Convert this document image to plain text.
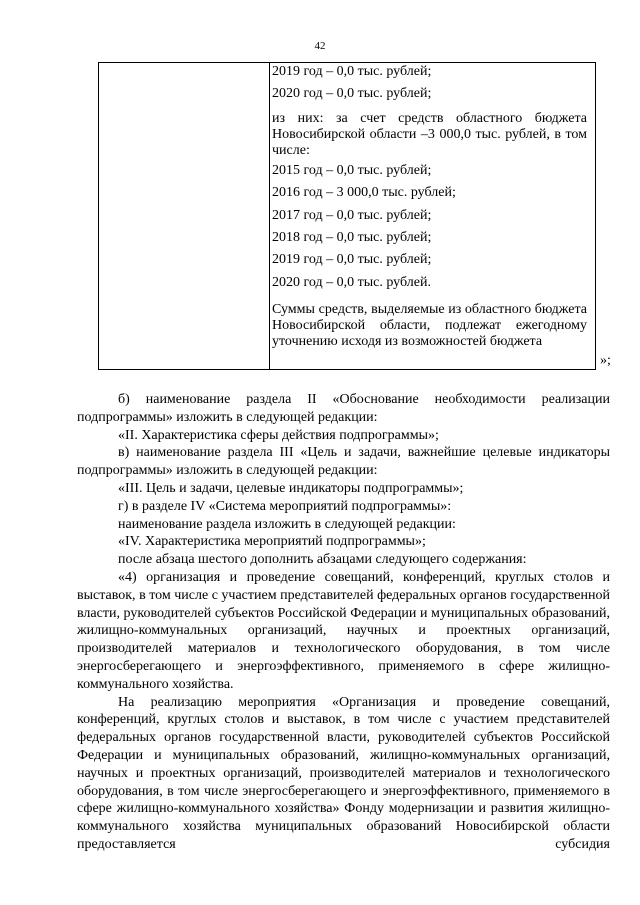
42
2019 год – 0,0 тыс. рублей;
2020 год – 0,0 тыс. рублей;
из них: за счет средств областного бюджета Новосибирской области –3 000,0 тыс. рублей, в том числе:
2015 год – 0,0 тыс. рублей;
2016 год – 3 000,0 тыс. рублей;
2017 год – 0,0 тыс. рублей;
2018 год – 0,0 тыс. рублей;
2019 год – 0,0 тыс. рублей;
2020 год – 0,0 тыс. рублей.
Суммы средств, выделяемые из областного бюджета Новосибирской области, подлежат ежегодному уточнению исходя из возможностей бюджета
»;

б) наименование раздела II «Обоснование необходимости реализации подпрограммы» изложить в следующей редакции:

«II. Характеристика сферы действия подпрограммы»;

в) наименование раздела III «Цель и задачи, важнейшие целевые индикаторы подпрограммы» изложить в следующей редакции:

«III. Цель и задачи, целевые индикаторы подпрограммы»;

г) в разделе IV «Система мероприятий подпрограммы»:

наименование раздела изложить в следующей редакции:

«IV. Характеристика мероприятий подпрограммы»;

после абзаца шестого дополнить абзацами следующего содержания:

«4) организация и проведение совещаний, конференций, круглых столов и выставок, в том числе с участием представителей федеральных органов государственной власти, руководителей субъектов Российской Федерации и муниципальных образований, жилищно-коммунальных организаций, научных и проектных организаций, производителей материалов и технологического оборудования, в том числе энергосберегающего и энергоэффективного, применяемого в сфере жилищно-коммунального хозяйства.

На реализацию мероприятия «Организация и проведение совещаний, конференций, круглых столов и выставок, в том числе с участием представителей федеральных органов государственной власти, руководителей субъектов Российской Федерации и муниципальных образований, жилищно-коммунальных организаций, научных и проектных организаций, производителей материалов и технологического оборудования, в том числе энергосберегающего и энергоэффективного, применяемого в сфере жилищно-коммунального хозяйства» Фонду модернизации и развития жилищно-коммунального хозяйства муниципальных образований Новосибирской области предоставляется субсидия
